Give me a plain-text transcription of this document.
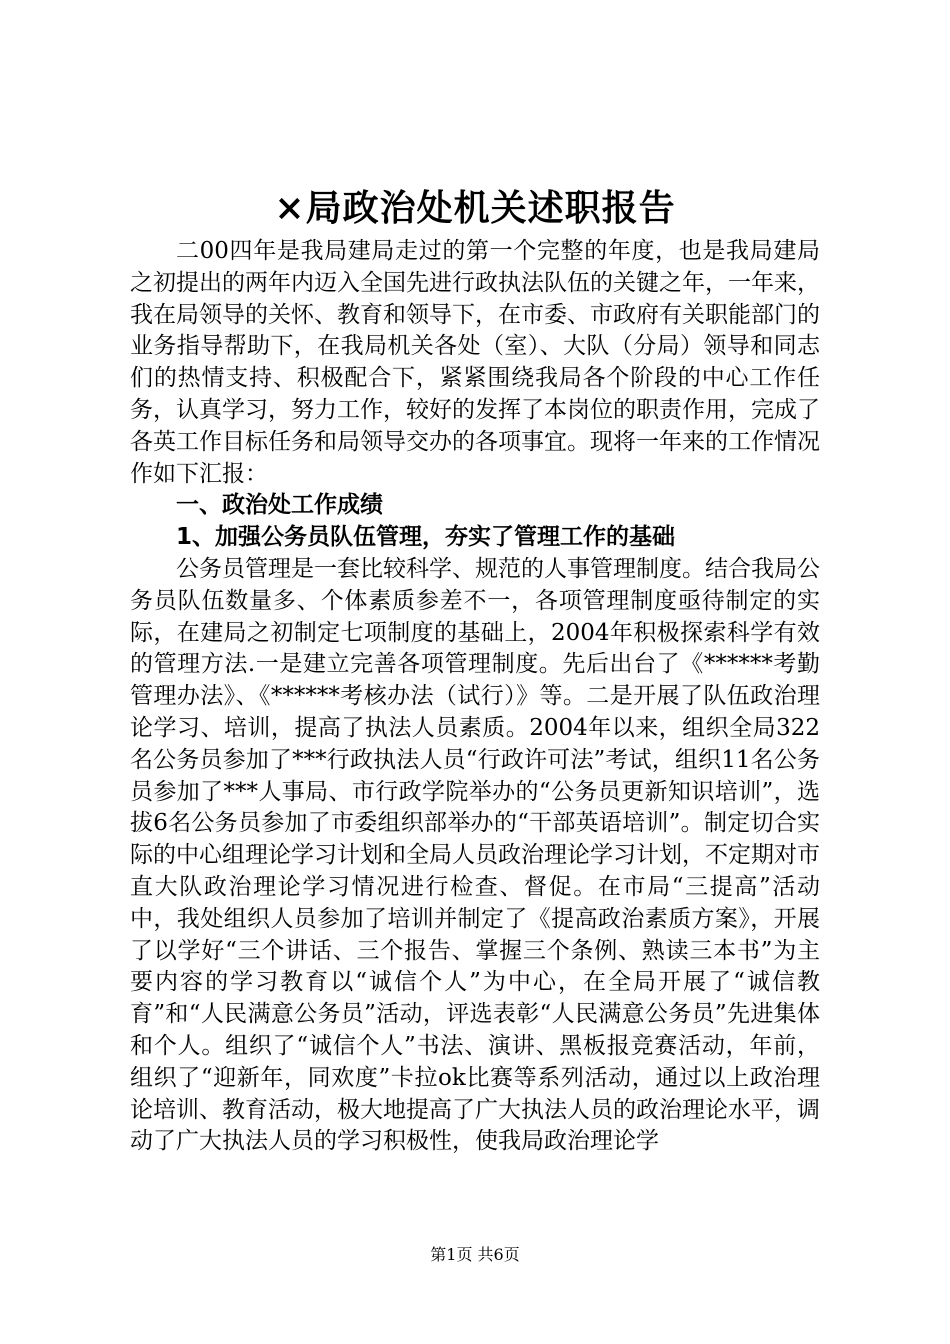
×局政治处机关述职报告

二00四年是我局建局走过的第一个完整的年度，也是我局建局之初提出的两年内迈入全国先进行政执法队伍的关键之年，一年来，我在局领导的关怀、教育和领导下，在市委、市政府有关职能部门的业务指导帮助下，在我局机关各处（室）、大队（分局）领导和同志们的热情支持、积极配合下，紧紧围绕我局各个阶段的中心工作任务，认真学习，努力工作，较好的发挥了本岗位的职责作用，完成了各英工作目标任务和局领导交办的各项事宜。现将一年来的工作情况作如下汇报：

一、政治处工作成绩
1、加强公务员队伍管理，夯实了管理工作的基础

公务员管理是一套比较科学、规范的人事管理制度。结合我局公务员队伍数量多、个体素质参差不一，各项管理制度亟待制定的实际，在建局之初制定七项制度的基础上，2004年积极探索科学有效的管理方法.一是建立完善各项管理制度。先后出台了《******考勤管理办法》、《******考核办法（试行）》等。二是开展了队伍政治理论学习、培训，提高了执法人员素质。2004年以来，组织全局322名公务员参加了***行政执法人员“行政许可法”考试，组织11名公务员参加了***人事局、市行政学院举办的“公务员更新知识培训”，选拔6名公务员参加了市委组织部举办的“干部英语培训”。制定切合实际的中心组理论学习计划和全局人员政治理论学习计划，不定期对市直大队政治理论学习情况进行检查、督促。在市局“三提高”活动中，我处组织人员参加了培训并制定了《提高政治素质方案》，开展了以学好“三个讲话、三个报告、掌握三个条例、熟读三本书”为主要内容的学习教育以“诚信个人”为中心，在全局开展了“诚信教育”和“人民满意公务员”活动，评选表彰“人民满意公务员”先进集体和个人。组织了“诚信个人”书法、演讲、黑板报竞赛活动，年前，组织了“迎新年，同欢度”卡拉ok比赛等系列活动，通过以上政治理论培训、教育活动，极大地提高了广大执法人员的政治理论水平，调动了广大执法人员的学习积极性，使我局政治理论学

第1页 共6页
